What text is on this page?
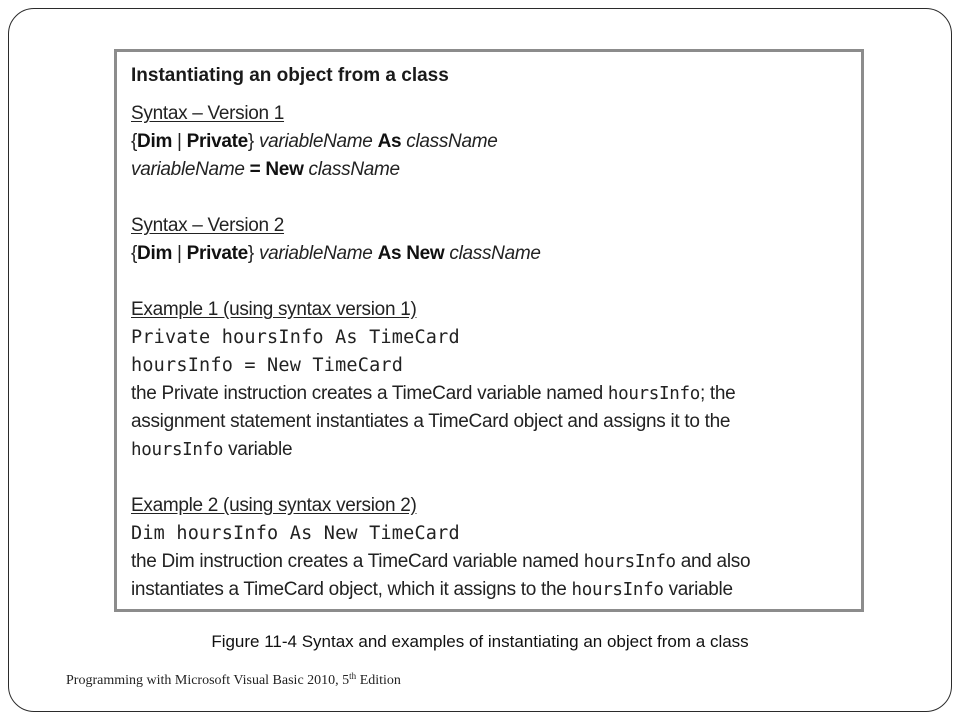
Instantiating an object from a class
Syntax – Version 1
{Dim | Private} variableName As className
variableName = New className
Syntax – Version 2
{Dim | Private} variableName As New className
Example 1 (using syntax version 1)
Private hoursInfo As TimeCard
hoursInfo = New TimeCard
the Private instruction creates a TimeCard variable named hoursInfo; the
assignment statement instantiates a TimeCard object and assigns it to the
hoursInfo variable
Example 2 (using syntax version 2)
Dim hoursInfo As New TimeCard
the Dim instruction creates a TimeCard variable named hoursInfo and also
instantiates a TimeCard object, which it assigns to the hoursInfo variable
Figure 11-4 Syntax and examples of instantiating an object from a class
Programming with Microsoft Visual Basic 2010, 5th Edition
